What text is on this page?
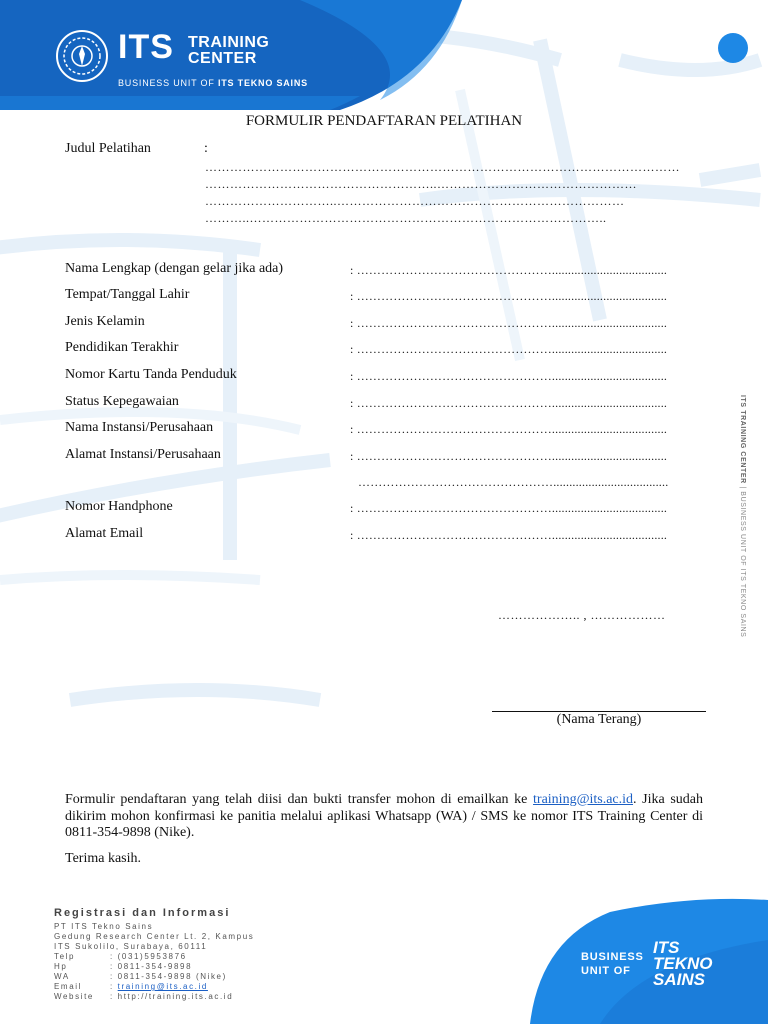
ITS TRAINING
CENTER
BUSINESS UNIT OF ITS TEKNO SAINS
FORMULIR PENDAFTARAN PELATIHAN
Judul Pelatihan	:
……………………………………………………………………………………………………
………………………………………………..…………………………………………
…………………………..……………………………………………………………
………..…………………………………………………………………………..
Nama Lengkap (dengan gelar jika ada)	: …………………………………………....................................
Tempat/Tanggal Lahir	: …………………………………………....................................
Jenis Kelamin	: …………………………………………....................................
Pendidikan Terakhir	: …………………………………………....................................
Nomor Kartu Tanda Penduduk	: …………………………………………....................................
Status Kepegawaian	: …………………………………………....................................
Nama Instansi/Perusahaan	: …………………………………………....................................
Alamat Instansi/Perusahaan	: …………………………………………....................................
…………………………………………....................................
Nomor Handphone	: …………………………………………....................................
Alamat Email	: …………………………………………....................................
ITS TRAINING CENTER | BUSINESS UNIT OF ITS TEKNO SAINS
……………….. , ………………
(Nama Terang)
Formulir pendaftaran yang telah diisi dan bukti transfer mohon di emailkan ke training@its.ac.id. Jika sudah dikirim mohon konfirmasi ke panitia melalui aplikasi Whatsapp (WA) / SMS ke nomor ITS Training Center di 0811-354-9898 (Nike).
Terima kasih.
Registrasi dan Informasi
PT ITS Tekno Sains
Gedung Research Center Lt. 2, Kampus
ITS Sukolilo, Surabaya, 60111
Telp	: (031)5953876
Hp	: 0811-354-9898
WA	: 0811-354-9898 (Nike)
Email	: training@its.ac.id
Website : http://training.its.ac.id
BUSINESS
UNIT OF
ITS
TEKNO
SAINS
